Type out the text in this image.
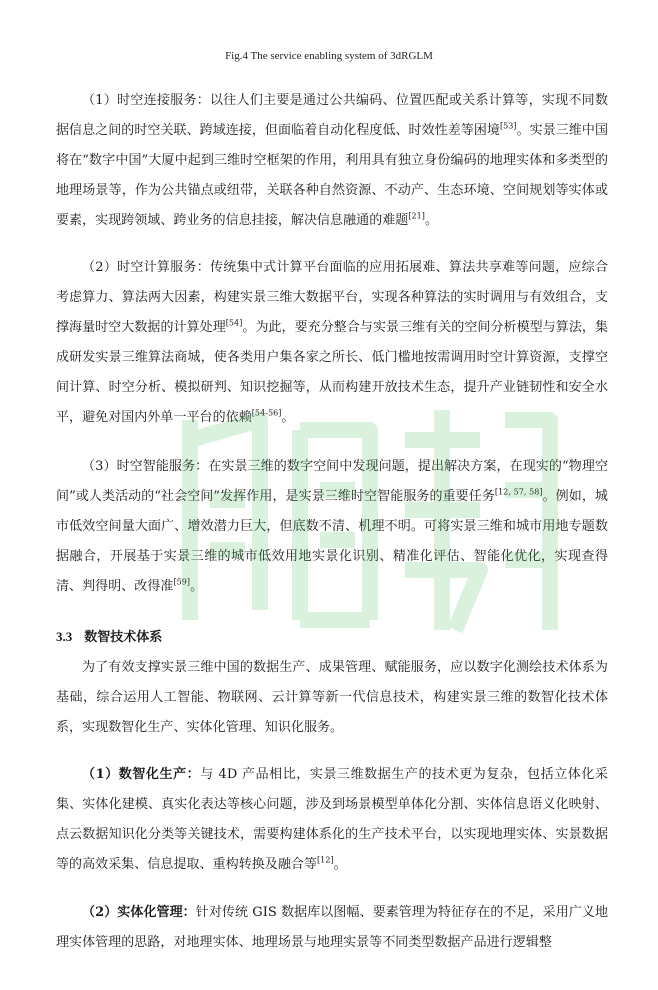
Fig.4 The service enabling system of 3dRGLM

（1）时空连接服务：以往人们主要是通过公共编码、位置匹配或关系计算等，实现不同数据信息之间的时空关联、跨域连接，但面临着自动化程度低、时效性差等困境[53]。实景三维中国将在“数字中国”大厦中起到三维时空框架的作用，利用具有独立身份编码的地理实体和多类型的地理场景等，作为公共锚点或纽带，关联各种自然资源、不动产、生态环境、空间规划等实体或要素，实现跨领域、跨业务的信息挂接，解决信息融通的难题[21]。

（2）时空计算服务：传统集中式计算平台面临的应用拓展难、算法共享难等问题，应综合考虑算力、算法两大因素，构建实景三维大数据平台，实现各种算法的实时调用与有效组合，支撑海量时空大数据的计算处理[54]。为此，要充分整合与实景三维有关的空间分析模型与算法，集成研发实景三维算法商城，使各类用户集各家之所长、低门槛地按需调用时空计算资源，支撑空间计算、时空分析、模拟研判、知识挖掘等，从而构建开放技术生态，提升产业链韧性和安全水平，避免对国内外单一平台的依赖[54-56]。

（3）时空智能服务：在实景三维的数字空间中发现问题，提出解决方案，在现实的“物理空间”或人类活动的“社会空间”发挥作用，是实景三维时空智能服务的重要任务[12, 57, 58]。例如，城市低效空间量大面广、增效潜力巨大，但底数不清、机理不明。可将实景三维和城市用地专题数据融合，开展基于实景三维的城市低效用地实景化识别、精准化评估、智能化优化，实现查得清、判得明、改得准[59]。

3.3 数智技术体系

为了有效支撑实景三维中国的数据生产、成果管理、赋能服务，应以数字化测绘技术体系为基础，综合运用人工智能、物联网、云计算等新一代信息技术，构建实景三维的数智化技术体系，实现数智化生产、实体化管理、知识化服务。

（1）数智化生产：与 4D 产品相比，实景三维数据生产的技术更为复杂，包括立体化采集、实体化建模、真实化表达等核心问题，涉及到场景模型单体化分割、实体信息语义化映射、点云数据知识化分类等关键技术，需要构建体系化的生产技术平台，以实现地理实体、实景数据等的高效采集、信息提取、重构转换及融合等[12]。

（2）实体化管理：针对传统 GIS 数据库以图幅、要素管理为特征存在的不足，采用广义地理实体管理的思路，对地理实体、地理场景与地理实景等不同类型数据产品进行逻辑整
